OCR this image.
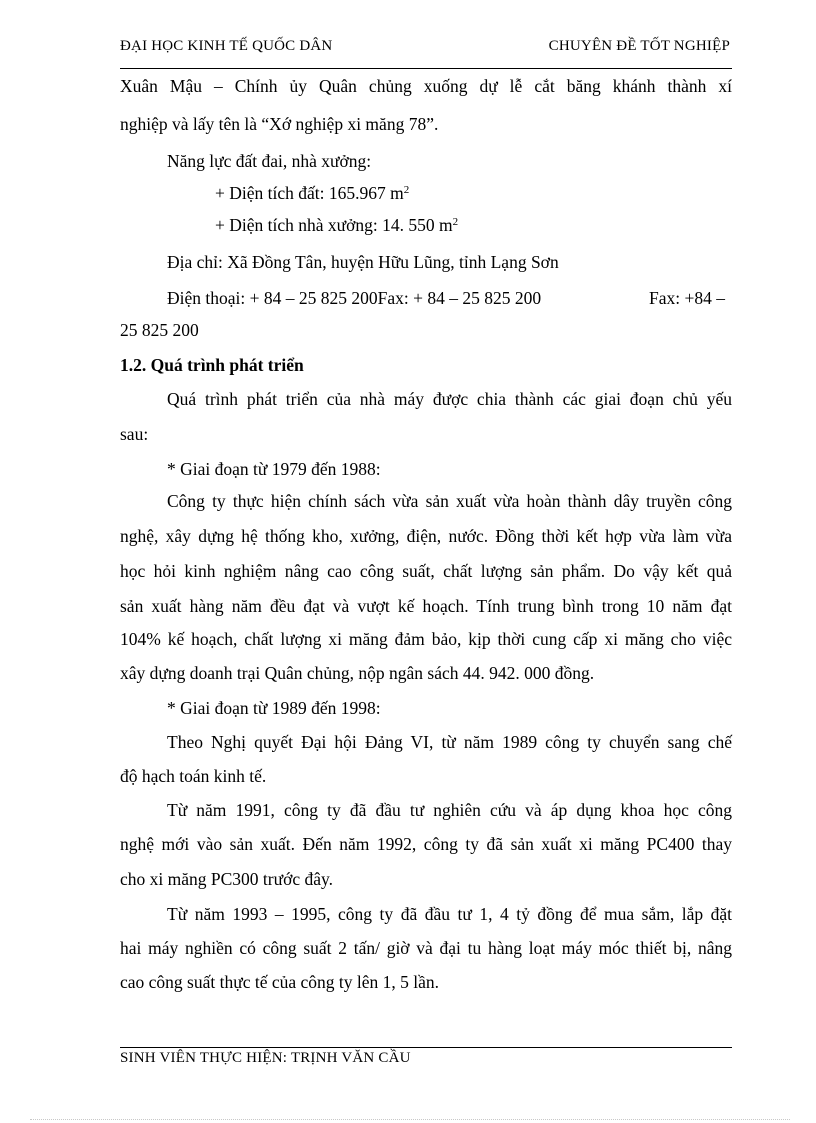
ĐẠI HỌC KINH TẾ QUỐC DÂN	CHUYÊN ĐỀ TỐT NGHIỆP
Xuân Mậu – Chính ủy Quân chủng xuống dự lễ cắt băng khánh thành xí
nghiệp và lấy tên là “Xớ nghiệp xi măng 78”.
Năng lực đất đai, nhà xưởng:
+ Diện tích đất: 165.967 $m^2$
+ Diện tích nhà xưởng: 14. 550 $m^2$
Địa chỉ: Xã Đồng Tân, huyện Hữu Lũng, tỉnh Lạng Sơn
Điện thoại: + 84 – 25 825 200Fax: + 84 – 25 825 200	Fax: +84 –
25 825 200
1.2. Quá trình phát triển
Quá trình phát triển của nhà máy được chia thành các giai đoạn chủ yếu
sau:
* Giai đoạn từ 1979 đến 1988:
Công ty thực hiện chính sách vừa sản xuất vừa hoàn thành dây truyền công
nghệ, xây dựng hệ thống kho, xưởng, điện, nước. Đồng thời kết hợp vừa làm vừa
học hỏi kinh nghiệm nâng cao công suất, chất lượng sản phẩm. Do vậy kết quả
sản xuất hàng năm đều đạt và vượt kế hoạch. Tính trung bình trong 10 năm đạt
104% kế hoạch, chất lượng xi măng đảm bảo, kịp thời cung cấp xi măng cho việc
xây dựng doanh trại Quân chủng, nộp ngân sách 44. 942. 000 đồng.
* Giai đoạn từ 1989 đến 1998:
Theo Nghị quyết Đại hội Đảng VI, từ năm 1989 công ty chuyển sang chế
độ hạch toán kinh tế.
Từ năm 1991, công ty đã đầu tư nghiên cứu và áp dụng khoa học công
nghệ mới vào sản xuất. Đến năm 1992, công ty đã sản xuất xi măng PC400 thay
cho xi măng PC300 trước đây.
Từ năm 1993 – 1995, công ty đã đầu tư 1, 4 tỷ đồng để mua sắm, lắp đặt
hai máy nghiền có công suất 2 tấn/ giờ và đại tu hàng loạt máy móc thiết bị, nâng
cao công suất thực tế của công ty lên 1, 5 lần.
SINH VIÊN THỰC HIỆN: TRỊNH VĂN CẦU
